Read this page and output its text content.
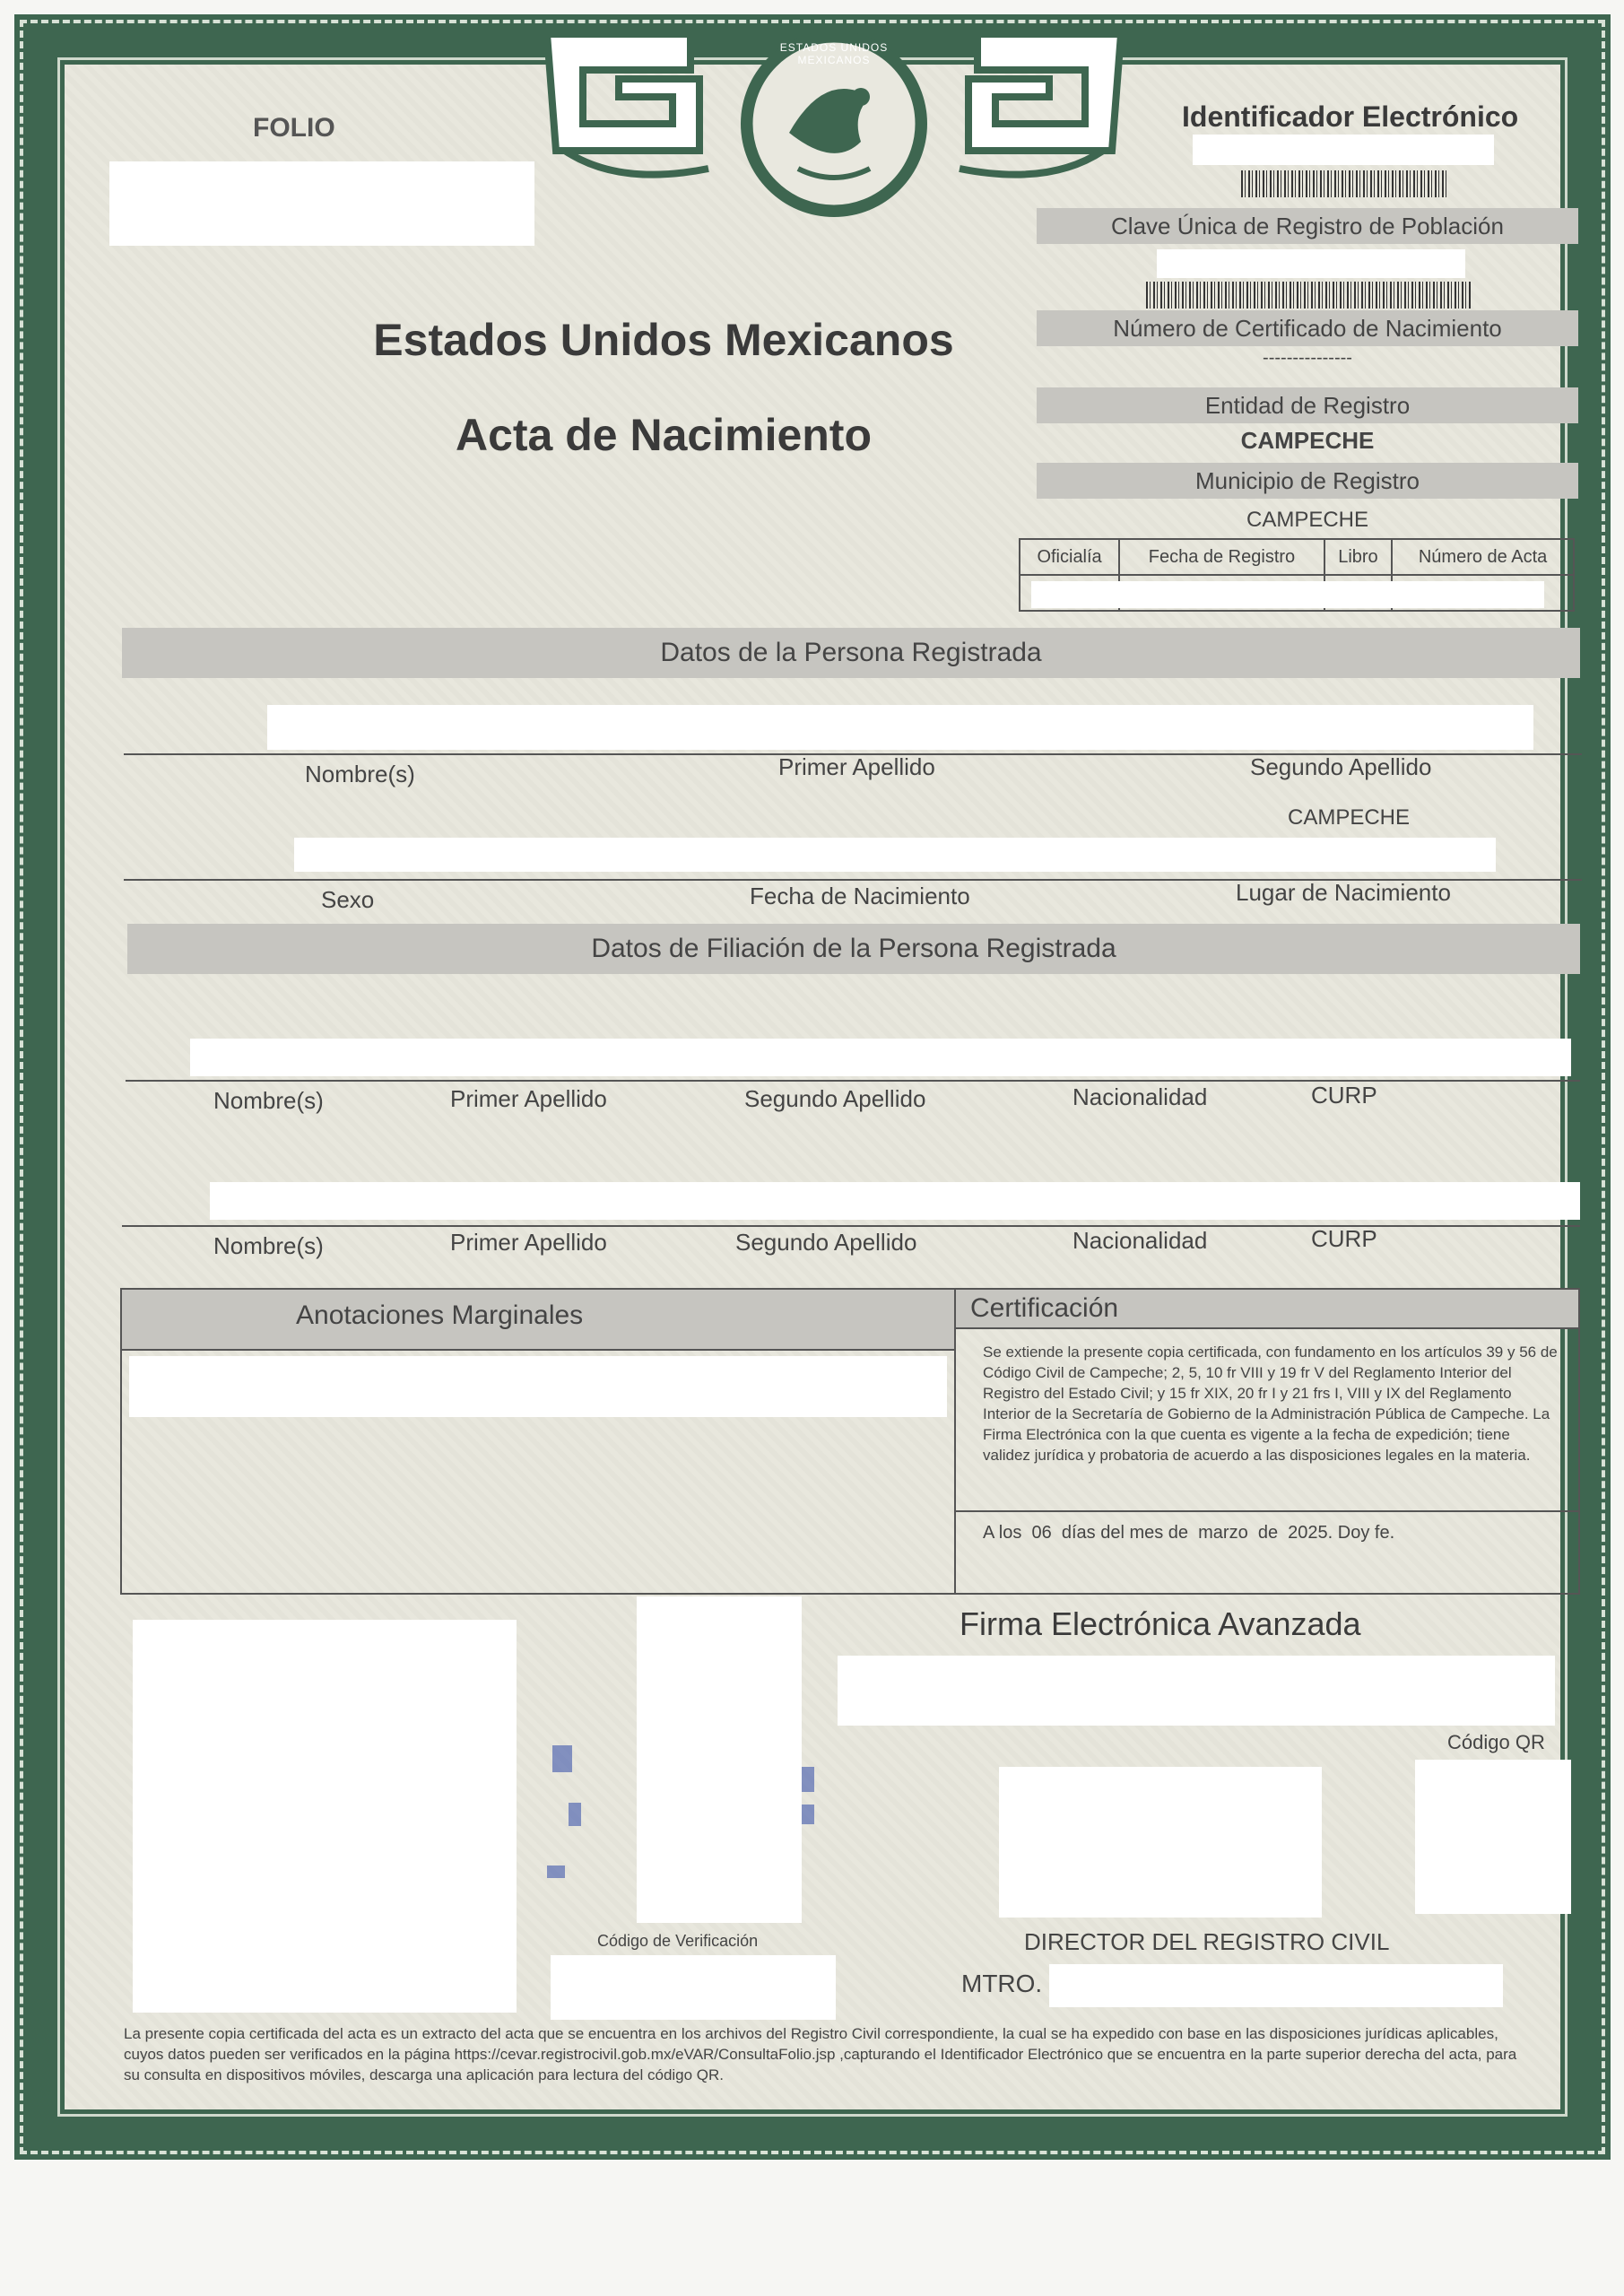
ESTADOS UNIDOS MEXICANOS
FOLIO
Estados Unidos Mexicanos
Acta de Nacimiento
Identificador Electrónico
Clave Única de Registro de Población
Número de Certificado de Nacimiento
---------------
Entidad de Registro
CAMPECHE
Municipio de Registro
CAMPECHE
Oficialía	Fecha de Registro	Libro	Número de Acta

Datos de la Persona Registrada
Nombre(s)	Primer Apellido	Segundo Apellido
CAMPECHE
Sexo	Fecha de Nacimiento	Lugar de Nacimiento
Datos de Filiación de la Persona Registrada
Nombre(s)	Primer Apellido	Segundo Apellido	Nacionalidad	CURP
Nombre(s)	Primer Apellido	Segundo Apellido	Nacionalidad	CURP
Anotaciones Marginales	Certificación
Se extiende la presente copia certificada, con fundamento en los artículos 39 y 56 de Código Civil de Campeche; 2, 5, 10 fr VIII y 19 fr V del Reglamento Interior del Registro del Estado Civil; y 15 fr XIX, 20 fr I y 21 frs I, VIII y IX del Reglamento Interior de la Secretaría de Gobierno de la Administración Pública de Campeche. La Firma Electrónica con la que cuenta es vigente a la fecha de expedición; tiene validez jurídica y probatoria de acuerdo a las disposiciones legales en la materia.
A los  06  días del mes de  marzo  de  2025. Doy fe.
Código de Verificación
Firma Electrónica Avanzada
Código QR
DIRECTOR DEL REGISTRO CIVIL
MTRO.
La presente copia certificada del acta es un extracto del acta que se encuentra en los archivos del Registro Civil correspondiente, la cual se ha expedido con base en las disposiciones jurídicas aplicables, cuyos datos pueden ser verificados en la página https://cevar.registrocivil.gob.mx/eVAR/ConsultaFolio.jsp ,capturando el Identificador Electrónico que se encuentra en la parte superior derecha del acta, para su consulta en dispositivos móviles, descarga una aplicación para lectura del código QR.
